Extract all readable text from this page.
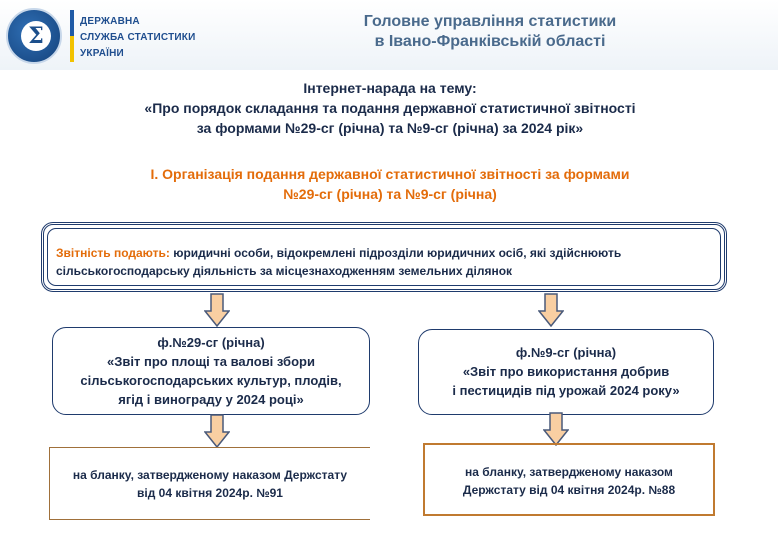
Σ
ДЕРЖАВНА
СЛУЖБА СТАТИСТИКИ
УКРАЇНИ
Головне управління статистики
в Івано-Франківській області
Інтернет-нарада на тему:
«Про порядок складання та подання державної статистичної звітності
за формами №29-сг (річна) та №9-сг (річна) за 2024 рік»
І. Організація подання державної статистичної звітності за формами
№29-сг (річна) та №9-сг (річна)
Звітність подають: юридичні особи, відокремлені підрозділи юридичних осіб, які здійснюють сільськогосподарську діяльність за місцезнаходженням земельних ділянок
ф.№29-сг (річна)
«Звіт про площі та валові збори
сільськогосподарських культур, плодів,
ягід і винограду у 2024 році»
ф.№9-сг (річна)
«Звіт про використання добрив
і пестицидів під урожай 2024 року»
на бланку, затвердженому наказом Держстату
від 04 квітня 2024р. №91
на бланку, затвердженому наказом
Держстату від 04 квітня 2024р. №88
